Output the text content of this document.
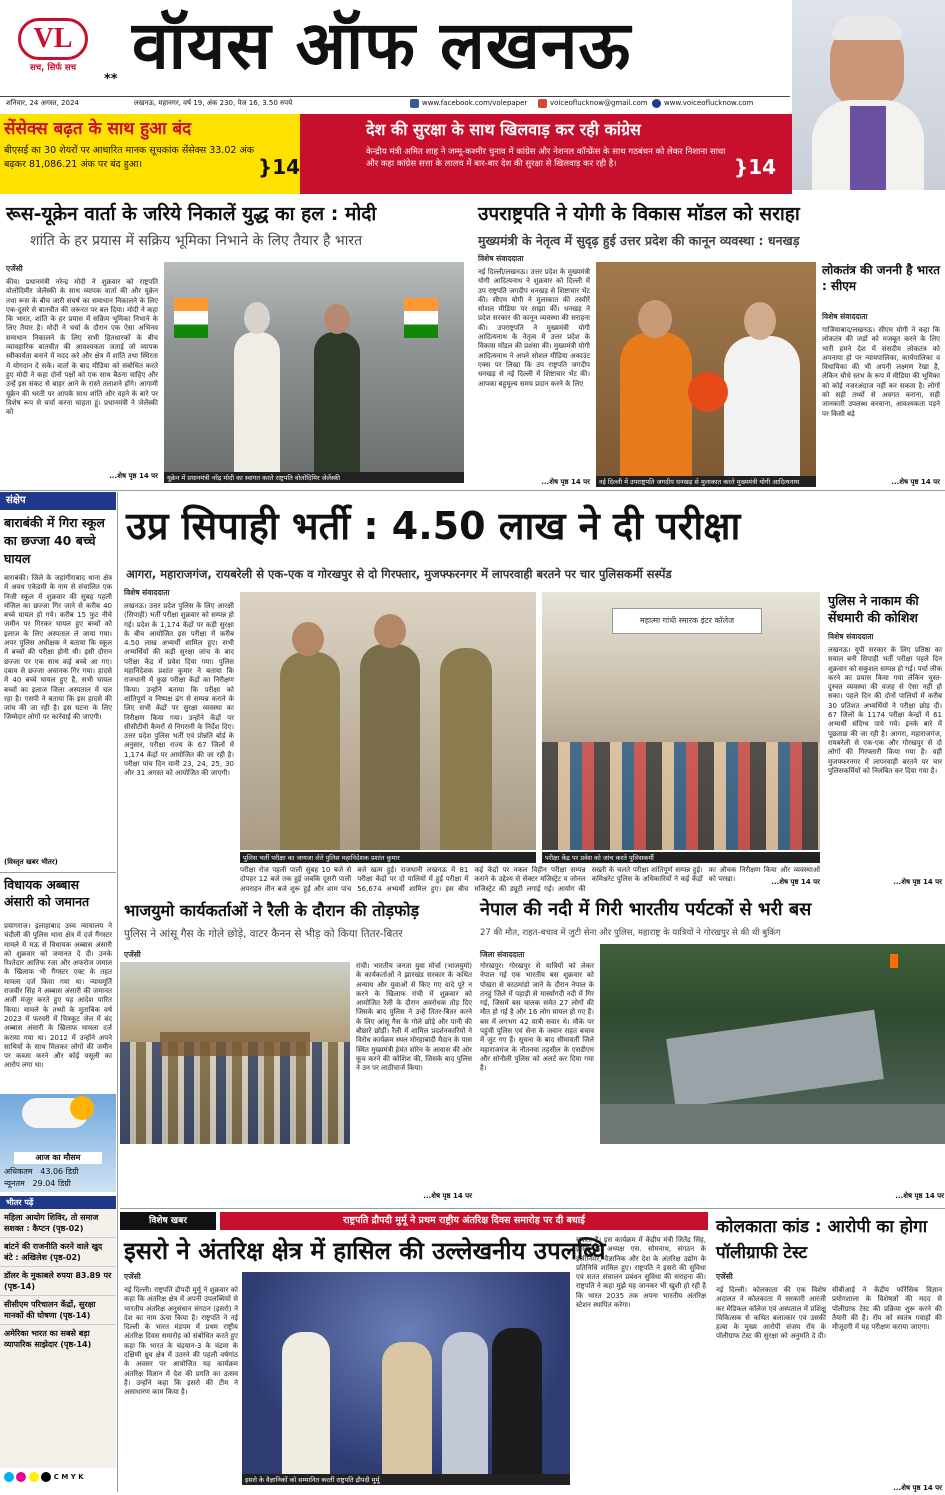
VL
सच, सिर्फ सच
** वॉयस ऑफ लखनऊ
शनिवार, 24 अगस्त, 2024	लखनऊ, महानगर, वर्ष 19, अंक 230, पेज 16, 3.50 रुपये	www.facebook.com/volepaper	voiceoflucknow@gmail.com www.voiceoflucknow.com
सेंसेक्स बढ़त के साथ हुआ बंद
बीएसई का 30 शेयरों पर आधारित मानक सूचकांक सेंसेक्स 33.02 अंक बढ़कर 81,086.21 अंक पर बंद हुआ।	}14
देश की सुरक्षा के साथ खिलवाड़ कर रही कांग्रेस
केन्द्रीय मंत्री अमित शाह ने जम्मू-कश्मीर चुनाव में कांग्रेस और नेशनल कॉन्फ्रेंस के साथ गठबंधन को लेकर निशाना साधा और कहा कांग्रेस सत्ता के लालच में बार-बार देश की सुरक्षा से खिलवाड़ कर रही है।	}14
रूस-यूक्रेन वार्ता के जरिये निकालें युद्ध का हल : मोदी
शांति के हर प्रयास में सक्रिय भूमिका निभाने के लिए तैयार है भारत
एजेंसी
कीव। प्रधानमंत्री नरेन्द्र मोदी ने शुक्रवार को राष्ट्रपति वोलोदिमीर जेलेंस्की के साथ व्यापक वार्ता की और यूक्रेन तथा रूस के बीच जारी संघर्ष का समाधान निकालने के लिए एक-दूसरे से बातचीत की जरूरत पर बल दिया। मोदी ने कहा कि भारत, शांति के हर प्रयास में सक्रिय भूमिका निभाने के लिए तैयार है। मोदी ने चर्चा के दौरान एक ऐसा अभिनव समाधान निकालने के लिए सभी हितधारकों के बीच व्यावहारिक बातचीत की आवश्यकता जताई जो व्यापक स्वीकार्यता बनाने में मदद करे और क्षेत्र में शांति तथा स्थिरता में योगदान दे सके। वार्ता के बाद मीडिया को संबोधित करते हुए मोदी ने कहा दोनों पक्षों को एक साथ बैठना चाहिए और उन्हें इस संकट से बाहर आने के रास्ते तलाशने होंगे। आगामी यूक्रेन की धरती पर आपके साथ शांति और वहने के बारे पर विशेष रूप से चर्चा करना चाहता हूं। प्रधानमंत्री ने जेलेंस्की को
...शेष पृष्ठ 14 पर	यूक्रेन में प्रधानमंत्री नरेंद्र मोदी का स्वागत करते राष्ट्रपति वोलोदिमिर जेलेंस्की
उपराष्ट्रपति ने योगी के विकास मॉडल को सराहा
मुख्यमंत्री के नेतृत्व में सुदृढ़ हुई उत्तर प्रदेश की कानून व्यवस्था : धनखड़
विशेष संवाददाता
नई दिल्ली/लखनऊ। उत्तर प्रदेश के मुख्यमंत्री योगी आदित्यनाथ ने शुक्रवार को दिल्ली में उप राष्ट्रपति जगदीप धनखड़ से शिष्टाचार भेंट की। सीएम योगी ने मुलाकात की तस्वीरें सोशल मीडिया पर साझा कीं। धनखड़ ने प्रदेश सरकार की कानून व्यवस्था की सराहना की। उपराष्ट्रपति ने मुख्यमंत्री योगी आदित्यनाथ के नेतृत्व में उत्तर प्रदेश के विकास मॉडल की प्रशंसा की। मुख्यमंत्री योगी आदित्यनाथ ने अपने सोशल मीडिया अकाउंट एक्स पर लिखा कि उप राष्ट्रपति जगदीप धनखड़ से नई दिल्ली में शिष्टाचार भेंट की। आपका बहुमूल्य समय प्रदान करने के लिए
...शेष पृष्ठ 14 पर	नई दिल्ली में उपराष्ट्रपति जगदीप धनखड़ से मुलाकात करते मुख्यमंत्री योगी आदित्यनाथ
लोकतंत्र की जननी है भारत : सीएम
विशेष संवाददाता
गाजियाबाद/लखनऊ। सीएम योगी ने कहा कि लोकतंत्र की जड़ों को मजबूत करने के लिए भारी हमने देश में संसदीय लोकतंत्र को अपनाया हो पर न्यायपालिका, कार्यपालिका व विधायिका की भी अपनी लक्ष्मण रेखा है, लेकिन चौथे स्तंभ के रूप में मीडिया की भूमिका को कोई नजरअंदाज नहीं कर सकता है। लोगों को सही तथ्यों से अवगत कराना, सही जानकारी उपलब्ध करवाना, आवश्यकता पड़ने पर किसी बड़े
...शेष पृष्ठ 14 पर
संक्षेप
बाराबंकी में गिरा स्कूल का छज्जा 40 बच्चे घायल
बाराबंकी। जिले के जहांगीराबाद थाना क्षेत्र में अवध एकेडमी के नाम से संचालित एक निजी स्कूल में शुक्रवार की सुबह पहली मंजिल का छज्जा गिर जाने से करीब 40 बच्चे घायल हो गये। करीब 15 फुट नीचे जमीन पर गिरकर घायल हुए बच्चों को इलाज के लिए अस्पताल ले जाया गया। अपर पुलिस अधीक्षक ने बताया कि स्कूल में बच्चों की परीक्षा होनी थी। इसी दौरान छज्जा पर एक साथ कई बच्चे आ गए। दबाव से छज्जा अचानक गिर गया। हादसे में 40 बच्चे घायल हुए हैं, सभी घायल बच्चों का इलाज जिला अस्पताल में चल रहा है। एसपी ने बताया कि इस हादसे की जांच की जा रही है। इस घटना के लिए जिम्मेदार लोगों पर कार्रवाई की जाएगी।
(विस्तृत खबर भीतर)
विधायक अब्बास अंसारी को जमानत
प्रयागराज। इलाहाबाद उच्च न्यायालय ने चंदौली की पुलिस थाना क्षेत्र में दर्ज गैंगस्टर मामले में मऊ से विधायक अब्बास अंसारी को शुक्रवार को जमानत दे दी। उनके रिश्तेदार आतिफ रजा और अफरोज जमाल के खिलाफ भी गैंगस्टर एक्ट के तहत मामला दर्ज किया गया था। न्यायमूर्ति राजवीर सिंह ने अब्बास अंसारी की जमानत अर्जी मंजूर करते हुए यह आदेश पारित किया। मामले के तथ्यों के मुताबिक वर्ष 2023 में फरवरी में चित्रकूट जेल में बंद अब्बास अंसारी के खिलाफ मामला दर्ज कराया गया था। 2012 में उन्होंने अपने साथियों के साथ मिलकर लोगों की जमीन पर कब्जा करने और कोई वसूली का आरोप लगा था।
आज का मौसम
अधिकतम 43.06 डिग्री
न्यूनतम 29.04 डिग्री
भीतर पढ़ें
महिला आयोग शिविर, तो समाज सशक्त : कैप्टन (पृष्ठ-02)
बांटने की राजनीति करने वाले खुद बंटे : अखिलेश (पृष्ठ-02)
डॉलर के मुकाबले रुपया 83.89 पर (पृष्ठ-14)
सीसीएम परिचालन केंद्रों, सुरक्षा मानकों की घोषणा (पृष्ठ-14)
अमेरिका भारत का सबसे बड़ा व्यापारिक साझेदार (पृष्ठ-14)
C M Y K
उप्र सिपाही भर्ती : 4.50 लाख ने दी परीक्षा
आगरा, महाराजगंज, रायबरेली से एक-एक व गोरखपुर से दो गिरफ्तार, मुजफ्फरनगर में लापरवाही बरतने पर चार पुलिसकर्मी सस्पेंड
विशेष संवाददाता
लखनऊ। उत्तर प्रदेश पुलिस के लिए आरक्षी (सिपाही) भर्ती परीक्षा शुक्रवार को सम्पन्न हो गई। प्रदेश के 1,174 केंद्रों पर कड़ी सुरक्षा के बीच आयोजित इस परीक्षा में करीब 4.50 लाख अभ्यर्थी शामिल हुए। सभी अभ्यर्थियों की कड़ी सुरक्षा जांच के बाद परीक्षा केंद्र में प्रवेश दिया गया। पुलिस महानिदेशक प्रशांत कुमार ने बताया कि राजधानी में कुछ परीक्षा केंद्रों का निरीक्षण किया। उन्होंने बताया कि परीक्षा को शांतिपूर्ण व निष्पक्ष ढंग से सम्पन्न कराने के लिए सभी केंद्रों पर सुरक्षा व्यवस्था का निरीक्षण किया गया। उन्होंने केंद्रों पर सीसीटीवी कैमरों से निगरानी के निर्देश दिए। उत्तर प्रदेश पुलिस भर्ती एवं प्रोन्नति बोर्ड के अनुसार, परीक्षा राज्य के 67 जिलों में 1,174 केंद्रों पर आयोजित की जा रही है। परीक्षा पांच दिन यानी 23, 24, 25, 30 और 31 अगस्त को आयोजित की जाएगी।
पुलिस भर्ती परीक्षा का जायजा लेते पुलिस महानिदेशक प्रशांत कुमार
महात्मा गांधी स्मारक इंटर कॉलेज
परीक्षा केंद्र पर प्रवेश को जांच करते पुलिसकर्मी
पुलिस ने नाकाम की सेंधमारी की कोशिश
विशेष संवाददाता
लखनऊ। यूपी सरकार के लिए प्रतिष्ठा का सवाल बनी सिपाही भर्ती परीक्षा पहले दिन शुक्रवार को सकुशल सम्पन्न हो गई। पर्चा लीक करने का प्रयास किया गया लेकिन चुस्त-दुरुस्त व्यवस्था की वजह से ऐसा नहीं हो सका। पहले दिन की दोनों पालियों में करीब 30 प्रतिशत अभ्यर्थियों ने परीक्षा छोड़ दी। 67 जिलों के 1174 परीक्षा केन्द्रों में 61 अभ्यर्थी संदिग्ध पाये गये। इनके बारे में पूछताछ की जा रही है। आगरा, महाराजगंज, रायबरेली से एक-एक और गोरखपुर से दो लोगों की गिरफ्तारी किया गया है। वहीं मुजफ्फरनगर में लापरवाही बरतने पर चार पुलिसकर्मियों को निलंबित कर दिया गया है।
...शेष पृष्ठ 14 पर
परीक्षा रोज पहली पाली सुबह 10 बजे से दोपहर 12 बजे तक हुई जबकि दूसरी पाली अपराहन तीन बजे शुरू हुई और शाम पांच बजे खत्म हुई। राजधानी लखनऊ में 81 परीक्षा केंद्रों पर दो पालियों में हुई परीक्षा में 56,674 अभ्यर्थी शामिल हुए। इस बीच कई केंद्रों पर नकल विहीन परीक्षा सम्पन्न कराने के उद्देश्य से सेक्टर मजिस्ट्रेट व जोनल मजिस्ट्रेट की ड्यूटी लगाई गई। आयोग की सख्ती के चलते परीक्षा शांतिपूर्ण सम्पन्न हुई। कमिश्नरेट पुलिस के अधिकारियों ने कई केंद्रों का औचक निरीक्षण किया और व्यवस्थाओं को परखा।	...शेष पृष्ठ 14 पर
भाजयुमो कार्यकर्ताओं ने रैली के दौरान की तोड़फोड़
पुलिस ने आंसू गैस के गोले छोड़े, वाटर कैनन से भीड़ को किया तितर-बितर
एजेंसी
रांची। भारतीय जनता युवा मोर्चा (भाजयुमो) के कार्यकर्ताओं ने झारखंड सरकार के कथित अन्याय और युवाओं से किए गए वादे पूरे न करने के खिलाफ रांची में शुक्रवार को आयोजित रैली के दौरान अवरोधक तोड़ दिए जिसके बाद पुलिस ने उन्हें तितर-बितर करने के लिए आंसू गैस के गोले छोड़े और पानी की बौछारें छोड़ीं। रैली में शामिल प्रदर्शनकारियों ने विरोध कार्यक्रम स्थल मोरहाबादी मैदान के पास स्थित मुख्यमंत्री हेमंत सोरेन के आवास की ओर कूच करने की कोशिश की, जिसके बाद पुलिस ने उन पर लाठीचार्ज किया।
...शेष पृष्ठ 14 पर
नेपाल की नदी में गिरी भारतीय पर्यटकों से भरी बस
27 की मौत, राहत-बचाव में जुटी सेना और पुलिस, महाराष्ट्र के यात्रियों ने गोरखपुर से की थी बुकिंग
जिला संवाददाता
गोरखपुर। गोरखपुर से यात्रियों को लेकर नेपाल गई एक भारतीय बस शुक्रवार को पोखरा से काठमांडो जाने के दौरान नेपाल के तनहुं जिले में पहाड़ी से मार्स्यांगदी नदी में गिर गई, जिसमें बस चालक समेत 27 लोगों की मौत हो गई है और 16 लोग घायल हो गए हैं। बस में लगभग 42 यात्री सवार थे। मौके पर पहुंची पुलिस एवं सेना के जवान राहत बचाव में जुट गए हैं। सूचना के बाद सीमावर्ती जिले महाराजगंज के नौतनवा तहसील के एसडीएम और सोनौली पुलिस को अलर्ट कर दिया गया है।
...शेष पृष्ठ 14 पर
विशेष खबर	राष्ट्रपति द्रौपदी मुर्मू ने प्रथम राष्ट्रीय अंतरिक्ष दिवस समारोह पर दी बधाई
इसरो ने अंतरिक्ष क्षेत्र में हासिल की उल्लेखनीय उपलब्धि
एजेंसी
नई दिल्ली। राष्ट्रपति द्रौपदी मुर्मू ने शुक्रवार को कहा कि अंतरिक्ष क्षेत्र में अपनी उपलब्धियों से भारतीय अंतरिक्ष अनुसंधान संगठन (इसरो) ने देश का नाम ऊंचा किया है। राष्ट्रपति ने नई दिल्ली के भारत मंडपम में प्रथम राष्ट्रीय अंतरिक्ष दिवस समारोह को संबोधित करते हुए कहा कि भारत के चंद्रयान-3 के चंद्रमा के दक्षिणी ध्रुव क्षेत्र में उतरने की पहली वर्षगांठ के अवसर पर आयोजित यह कार्यक्रम अंतरिक्ष विज्ञान में देश की प्रगति का उत्सव है। उन्होंने कहा कि इसरो की टीम ने असाधारण काम किया है।
इसरो के वैज्ञानिकों को सम्मानित करतीं राष्ट्रपति द्रौपदी मुर्मू
सकता है। इस कार्यक्रम में केंद्रीय मंत्री जितेंद्र सिंह, इसरो के अध्यक्ष एस. सोमनाथ, संगठन के इंजीनियर, वैज्ञानिक और देश के अंतरिक्ष उद्योग के प्रतिनिधि शामिल हुए। राष्ट्रपति ने इसरो की सुविधा एवं सतत संचालन प्रबंधन सुविधा की सराहना की। राष्ट्रपति ने कहा मुझे यह जानकर भी खुशी हो रही है कि भारत 2035 तक अपना भारतीय अंतरिक्ष स्टेशन स्थापित करेगा।
कोलकाता कांड : आरोपी का होगा पॉलीग्राफी टेस्ट
एजेंसी
नई दिल्ली। कोलकाता की एक विशेष अदालत ने कोलकाता में सरकारी आरजी कर मेडिकल कॉलेज एवं अस्पताल में प्रशिक्षु चिकित्सक से कथित बलात्कार एवं उसकी हत्या के मुख्य आरोपी संजय रॉय के पॉलीग्राफ टेस्ट की सुरक्षा को अनुमति दे दी। सीबीआई ने केंद्रीय फॉरेंसिक विज्ञान प्रयोगशाला के विशेषज्ञों की मदद से पॉलीग्राफ टेस्ट की प्रक्रिया शुरू करने की तैयारी की है। रॉय को स्वतंत्र गवाहों की मौजूदगी में यह परीक्षण कराया जाएगा।
...शेष पृष्ठ 14 पर
